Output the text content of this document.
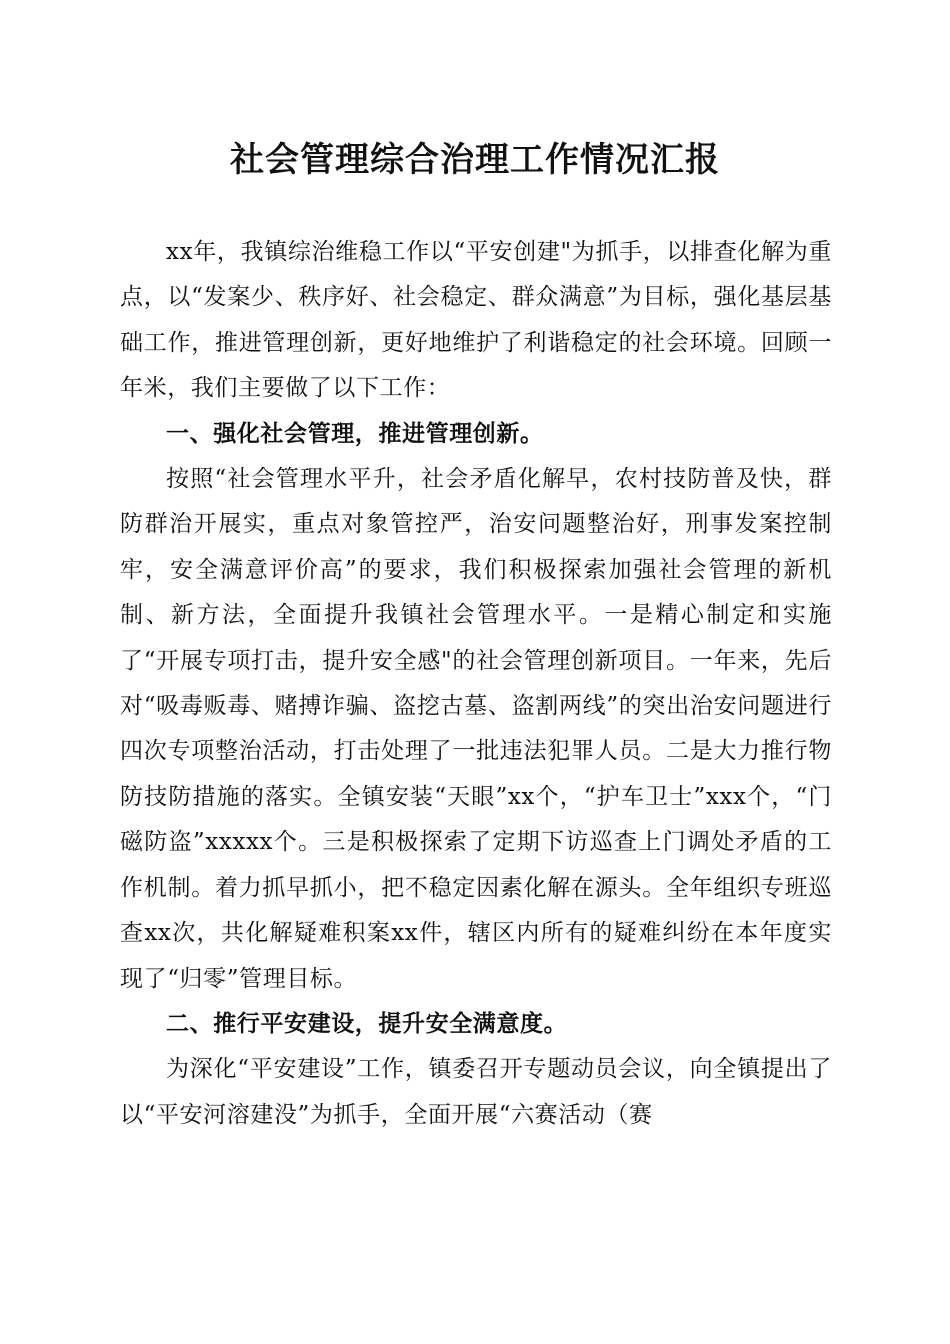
社会管理综合治理工作情况汇报

xx年，我镇综治维稳工作以“平安创建"为抓手，以排查化解为重点，以“发案少、秩序好、社会稳定、群众满意”为目标，强化基层基础工作，推进管理创新，更好地维护了利谐稳定的社会环境。回顾一年米，我们主要做了以下工作：

一、强化社会管理，推进管理创新。

按照“社会管理水平升，社会矛盾化解早，农村技防普及快，群防群治开展实，重点对象管控严，治安问题整治好，刑事发案控制牢，安全满意评价高”的要求，我们积极探索加强社会管理的新机制、新方法，全面提升我镇社会管理水平。一是精心制定和实施了“开展专项打击，提升安全感"的社会管理创新项目。一年来，先后对“吸毒贩毒、赌搏诈骗、盗挖古墓、盗割两线”的突出治安问题进行四次专项整治活动，打击处理了一批违法犯罪人员。二是大力推行物防技防措施的落实。全镇安装“天眼”xx个，“护车卫士”xxx个，“门磁防盗”xxxxx个。三是积极探索了定期下访巡查上门调处矛盾的工作机制。着力抓早抓小，把不稳定因素化解在源头。全年组织专班巡查xx次，共化解疑难积案xx件，辖区内所有的疑难纠纷在本年度实现了“归零”管理目标。

二、推行平安建设，提升安全满意度。

为深化“平安建设”工作，镇委召开专题动员会议，向全镇提出了以“平安河溶建没”为抓手，全面开展“六赛活动（赛
